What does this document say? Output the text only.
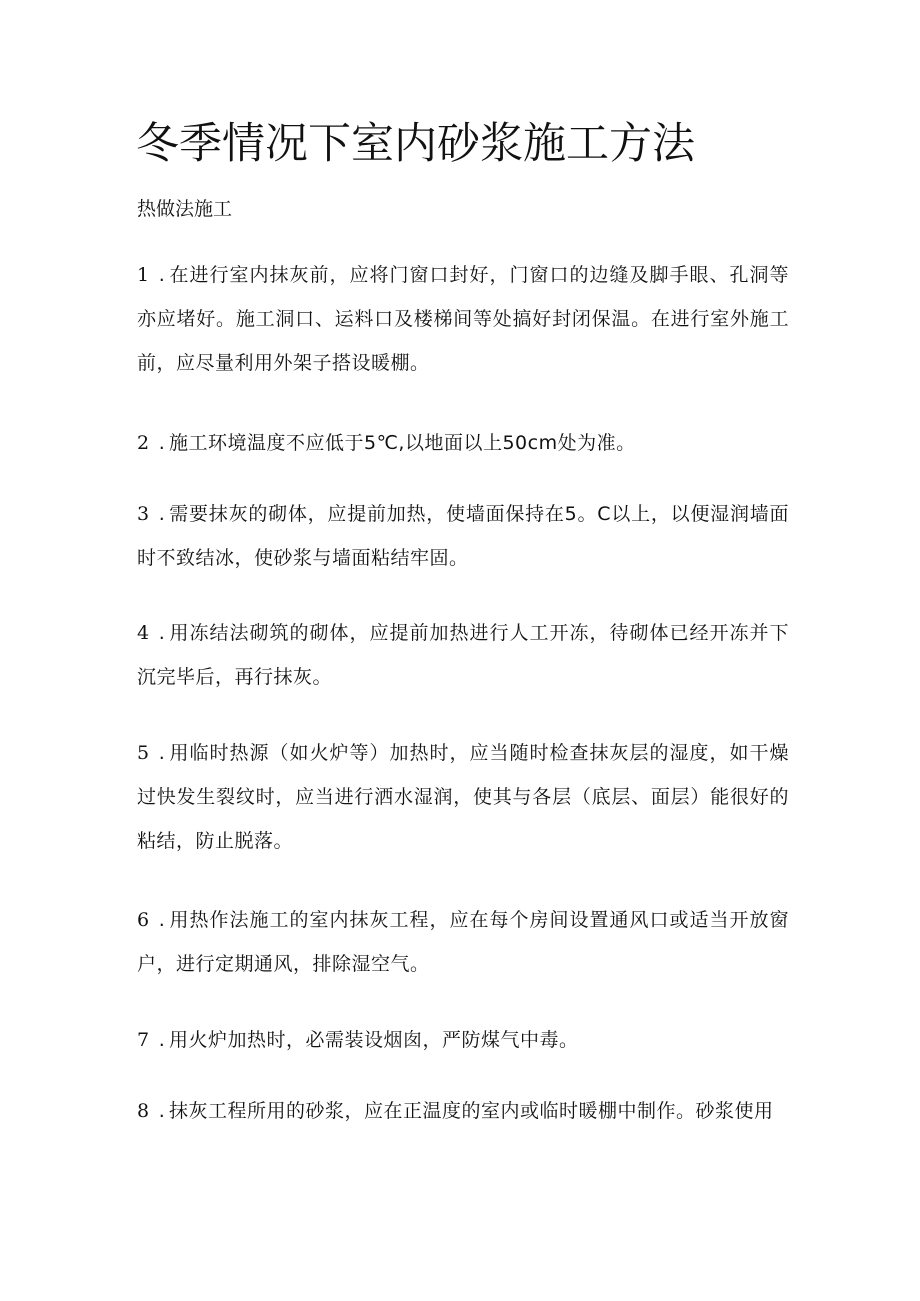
冬季情况下室内砂浆施工方法
热做法施工

1 . 在进行室内抹灰前，应将门窗口封好，门窗口的边缝及脚手眼、孔洞等亦应堵好。施工洞口、运料口及楼梯间等处搞好封闭保温。在进行室外施工前，应尽量利用外架子搭设暖棚。

2 . 施工环境温度不应低于5℃,以地面以上50cm处为准。

3 . 需要抹灰的砌体，应提前加热，使墙面保持在5。C以上，以便湿润墙面时不致结冰，使砂浆与墙面粘结牢固。

4 . 用冻结法砌筑的砌体，应提前加热进行人工开冻，待砌体已经开冻并下沉完毕后，再行抹灰。

5 . 用临时热源（如火炉等）加热时，应当随时检查抹灰层的湿度，如干燥过快发生裂纹时，应当进行洒水湿润，使其与各层（底层、面层）能很好的粘结，防止脱落。

6 . 用热作法施工的室内抹灰工程，应在每个房间设置通风口或适当开放窗户，进行定期通风，排除湿空气。

7 . 用火炉加热时，必需装设烟囱，严防煤气中毒。

8 . 抹灰工程所用的砂浆，应在正温度的室内或临时暖棚中制作。砂浆使用
